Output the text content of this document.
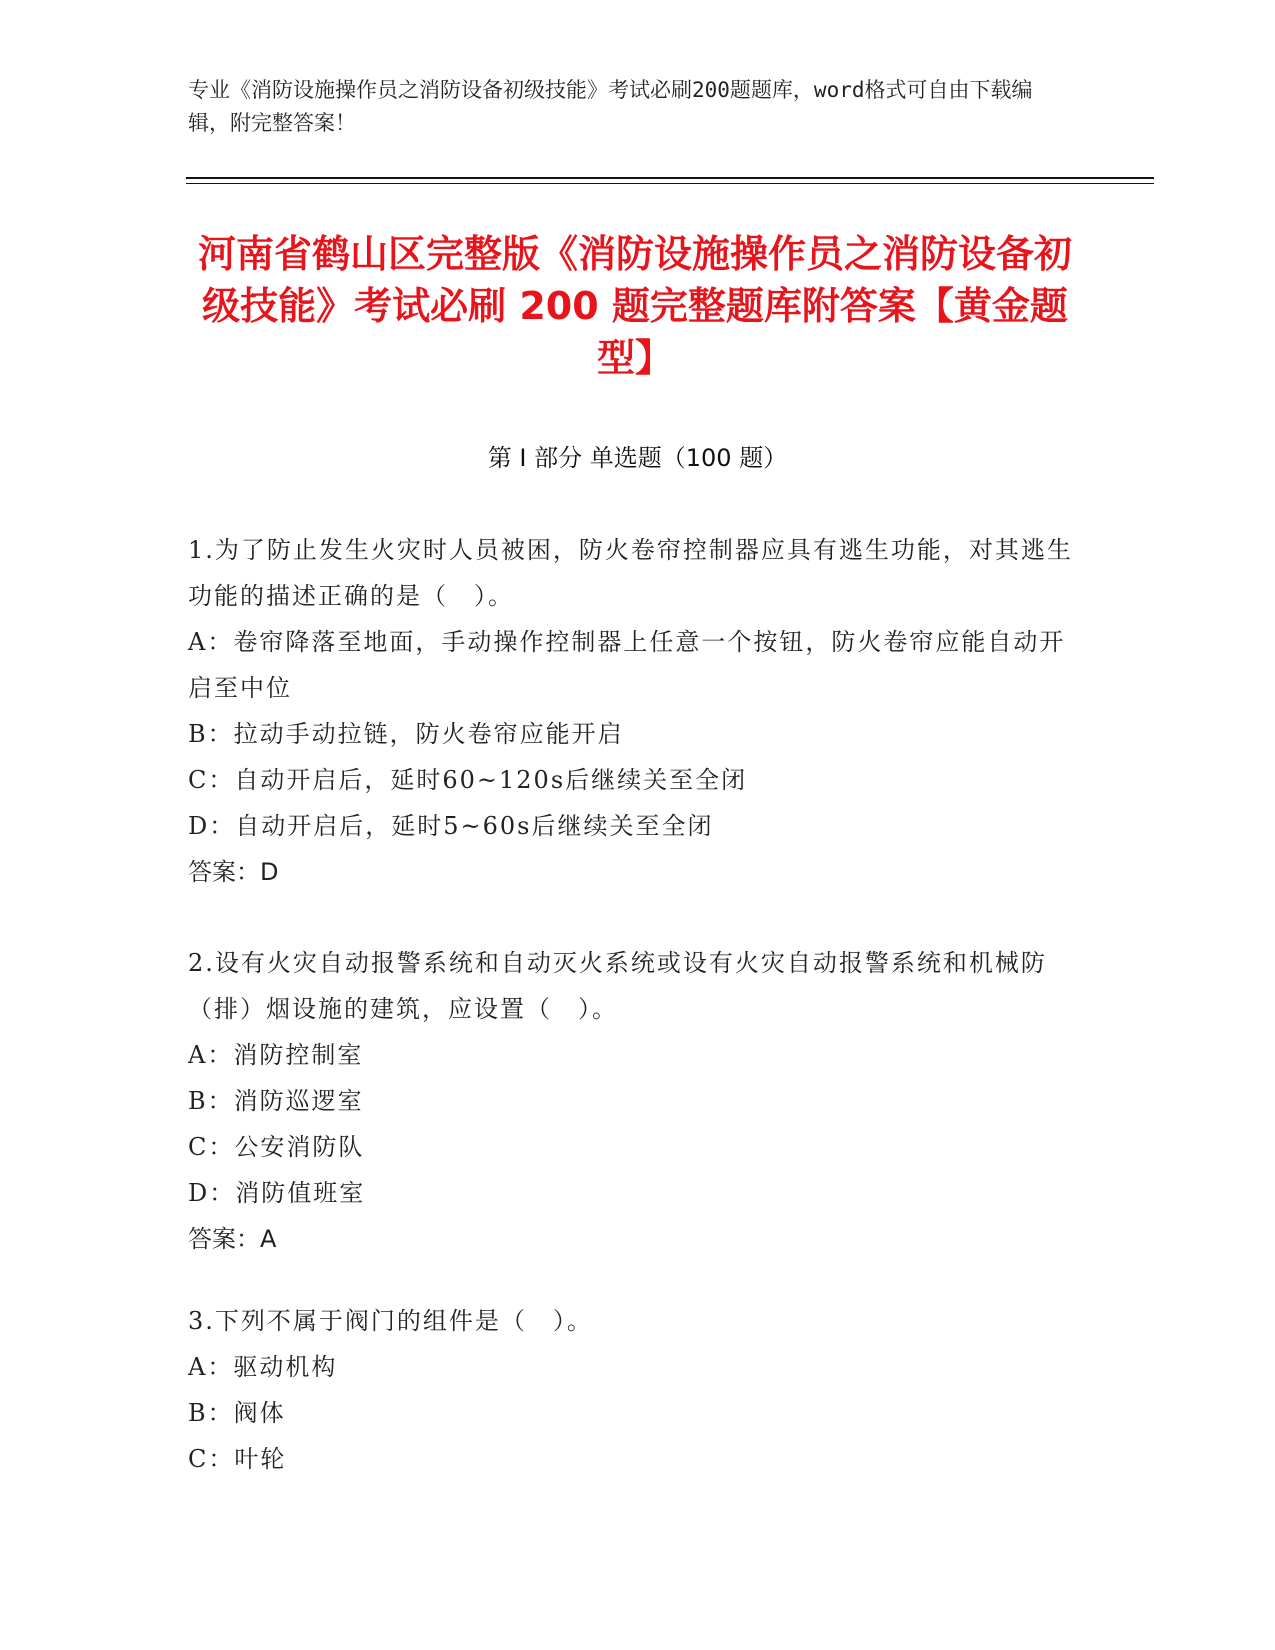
专业《消防设施操作员之消防设备初级技能》考试必刷200题题库，word格式可自由下载编辑，附完整答案！
河南省鹤山区完整版《消防设施操作员之消防设备初级技能》考试必刷 200 题完整题库附答案【黄金题型】
第 I 部分 单选题（100 题）
1.为了防止发生火灾时人员被困，防火卷帘控制器应具有逃生功能，对其逃生功能的描述正确的是（　）。
A：卷帘降落至地面，手动操作控制器上任意一个按钮，防火卷帘应能自动开启至中位
B：拉动手动拉链，防火卷帘应能开启
C：自动开启后，延时60~120s后继续关至全闭
D：自动开启后，延时5~60s后继续关至全闭
答案：D
2.设有火灾自动报警系统和自动灭火系统或设有火灾自动报警系统和机械防（排）烟设施的建筑，应设置（　）。
A：消防控制室
B：消防巡逻室
C：公安消防队
D：消防值班室
答案：A
3.下列不属于阀门的组件是（　）。
A：驱动机构
B：阀体
C：叶轮
